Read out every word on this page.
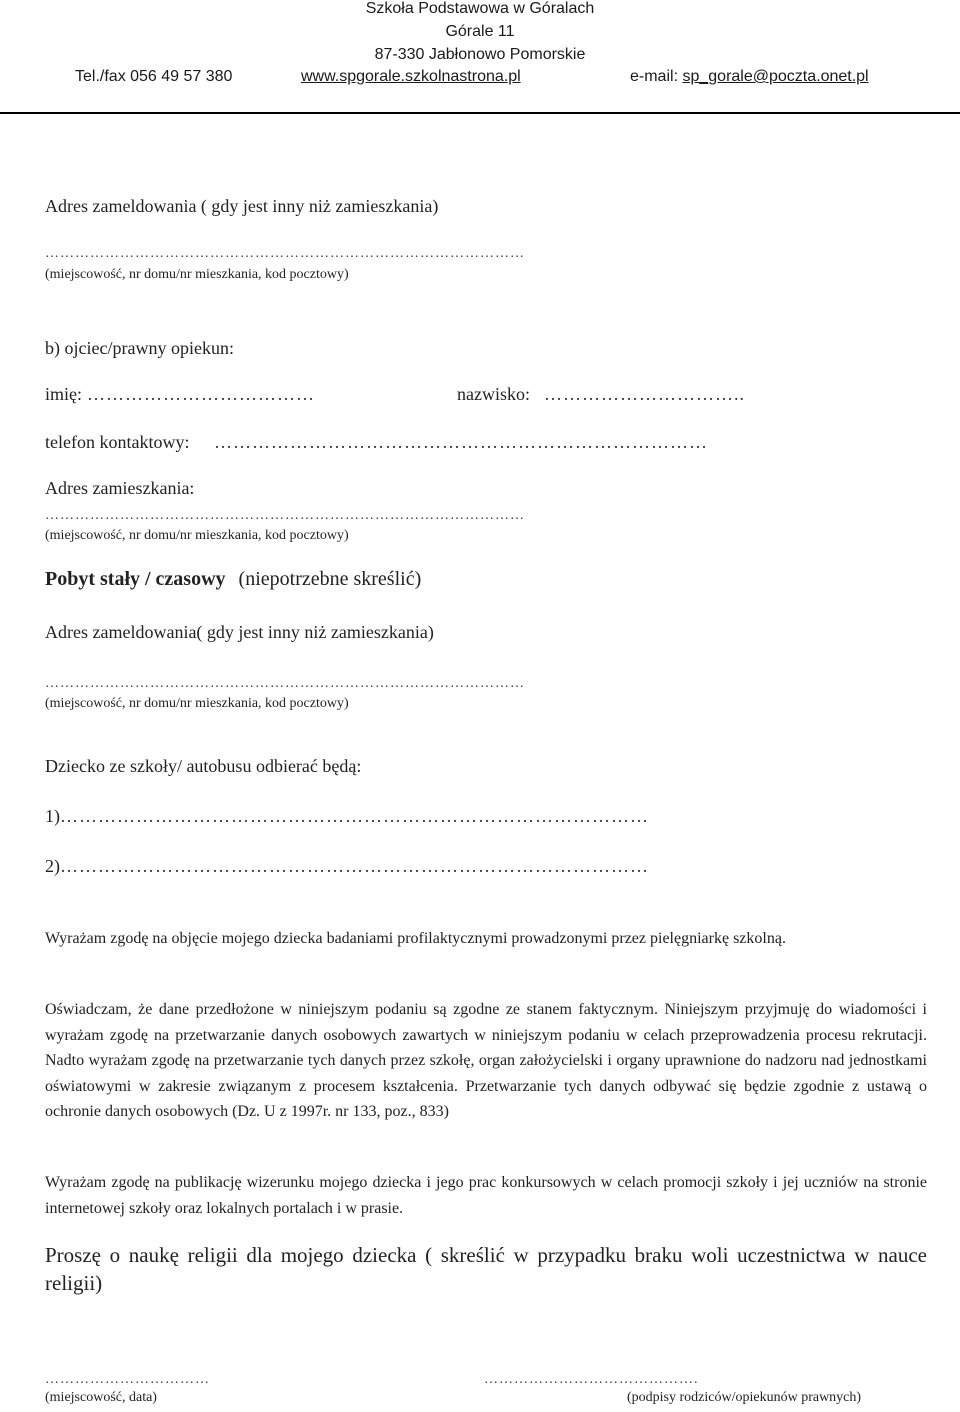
Szkoła Podstawowa w Góralach
Górale 11
87-330 Jabłonowo Pomorskie
Tel./fax 056 49 57 380	www.spgorale.szkolnastrona.pl	e-mail: sp_gorale@poczta.onet.pl
Adres zameldowania ( gdy jest inny niż zamieszkania)
……………………………………………………………………………………
(miejscowość, nr domu/nr mieszkania, kod pocztowy)
b) ojciec/prawny opiekun:
imię: ………………………………	nazwisko: …………………………..
telefon kontaktowy: ……………………………………………………………………
Adres zamieszkania:
……………………………………………………………………………………
(miejscowość, nr domu/nr mieszkania, kod pocztowy)
Pobyt stały / czasowy (niepotrzebne skreślić)
Adres zameldowania( gdy jest inny niż zamieszkania)
……………………………………………………………………………………
(miejscowość, nr domu/nr mieszkania, kod pocztowy)
Dziecko ze szkoły/ autobusu odbierać będą:
1)…………………………………………………………………………………
2)…………………………………………………………………………………
Wyrażam zgodę na objęcie mojego dziecka badaniami profilaktycznymi prowadzonymi przez pielęgniarkę szkolną.
Oświadczam, że dane przedłożone w niniejszym podaniu są zgodne ze stanem faktycznym. Niniejszym przyjmuję do wiadomości i wyrażam zgodę na przetwarzanie danych osobowych zawartych w niniejszym podaniu w celach przeprowadzenia procesu rekrutacji. Nadto wyrażam zgodę na przetwarzanie tych danych przez szkołę, organ założycielski i organy uprawnione do nadzoru nad jednostkami oświatowymi w zakresie związanym z procesem kształcenia. Przetwarzanie tych danych odbywać się będzie zgodnie z ustawą o ochronie danych osobowych (Dz. U z 1997r. nr 133, poz., 833)
Wyrażam zgodę na publikację wizerunku mojego dziecka i jego prac konkursowych w celach promocji szkoły i jej uczniów na stronie internetowej szkoły oraz lokalnych portalach i w prasie.
Proszę o naukę religii dla mojego dziecka ( skreślić w przypadku braku woli uczestnictwa w nauce religii)
……………………………
(miejscowość, data)
…………………………………….
(podpisy rodziców/opiekunów prawnych)
